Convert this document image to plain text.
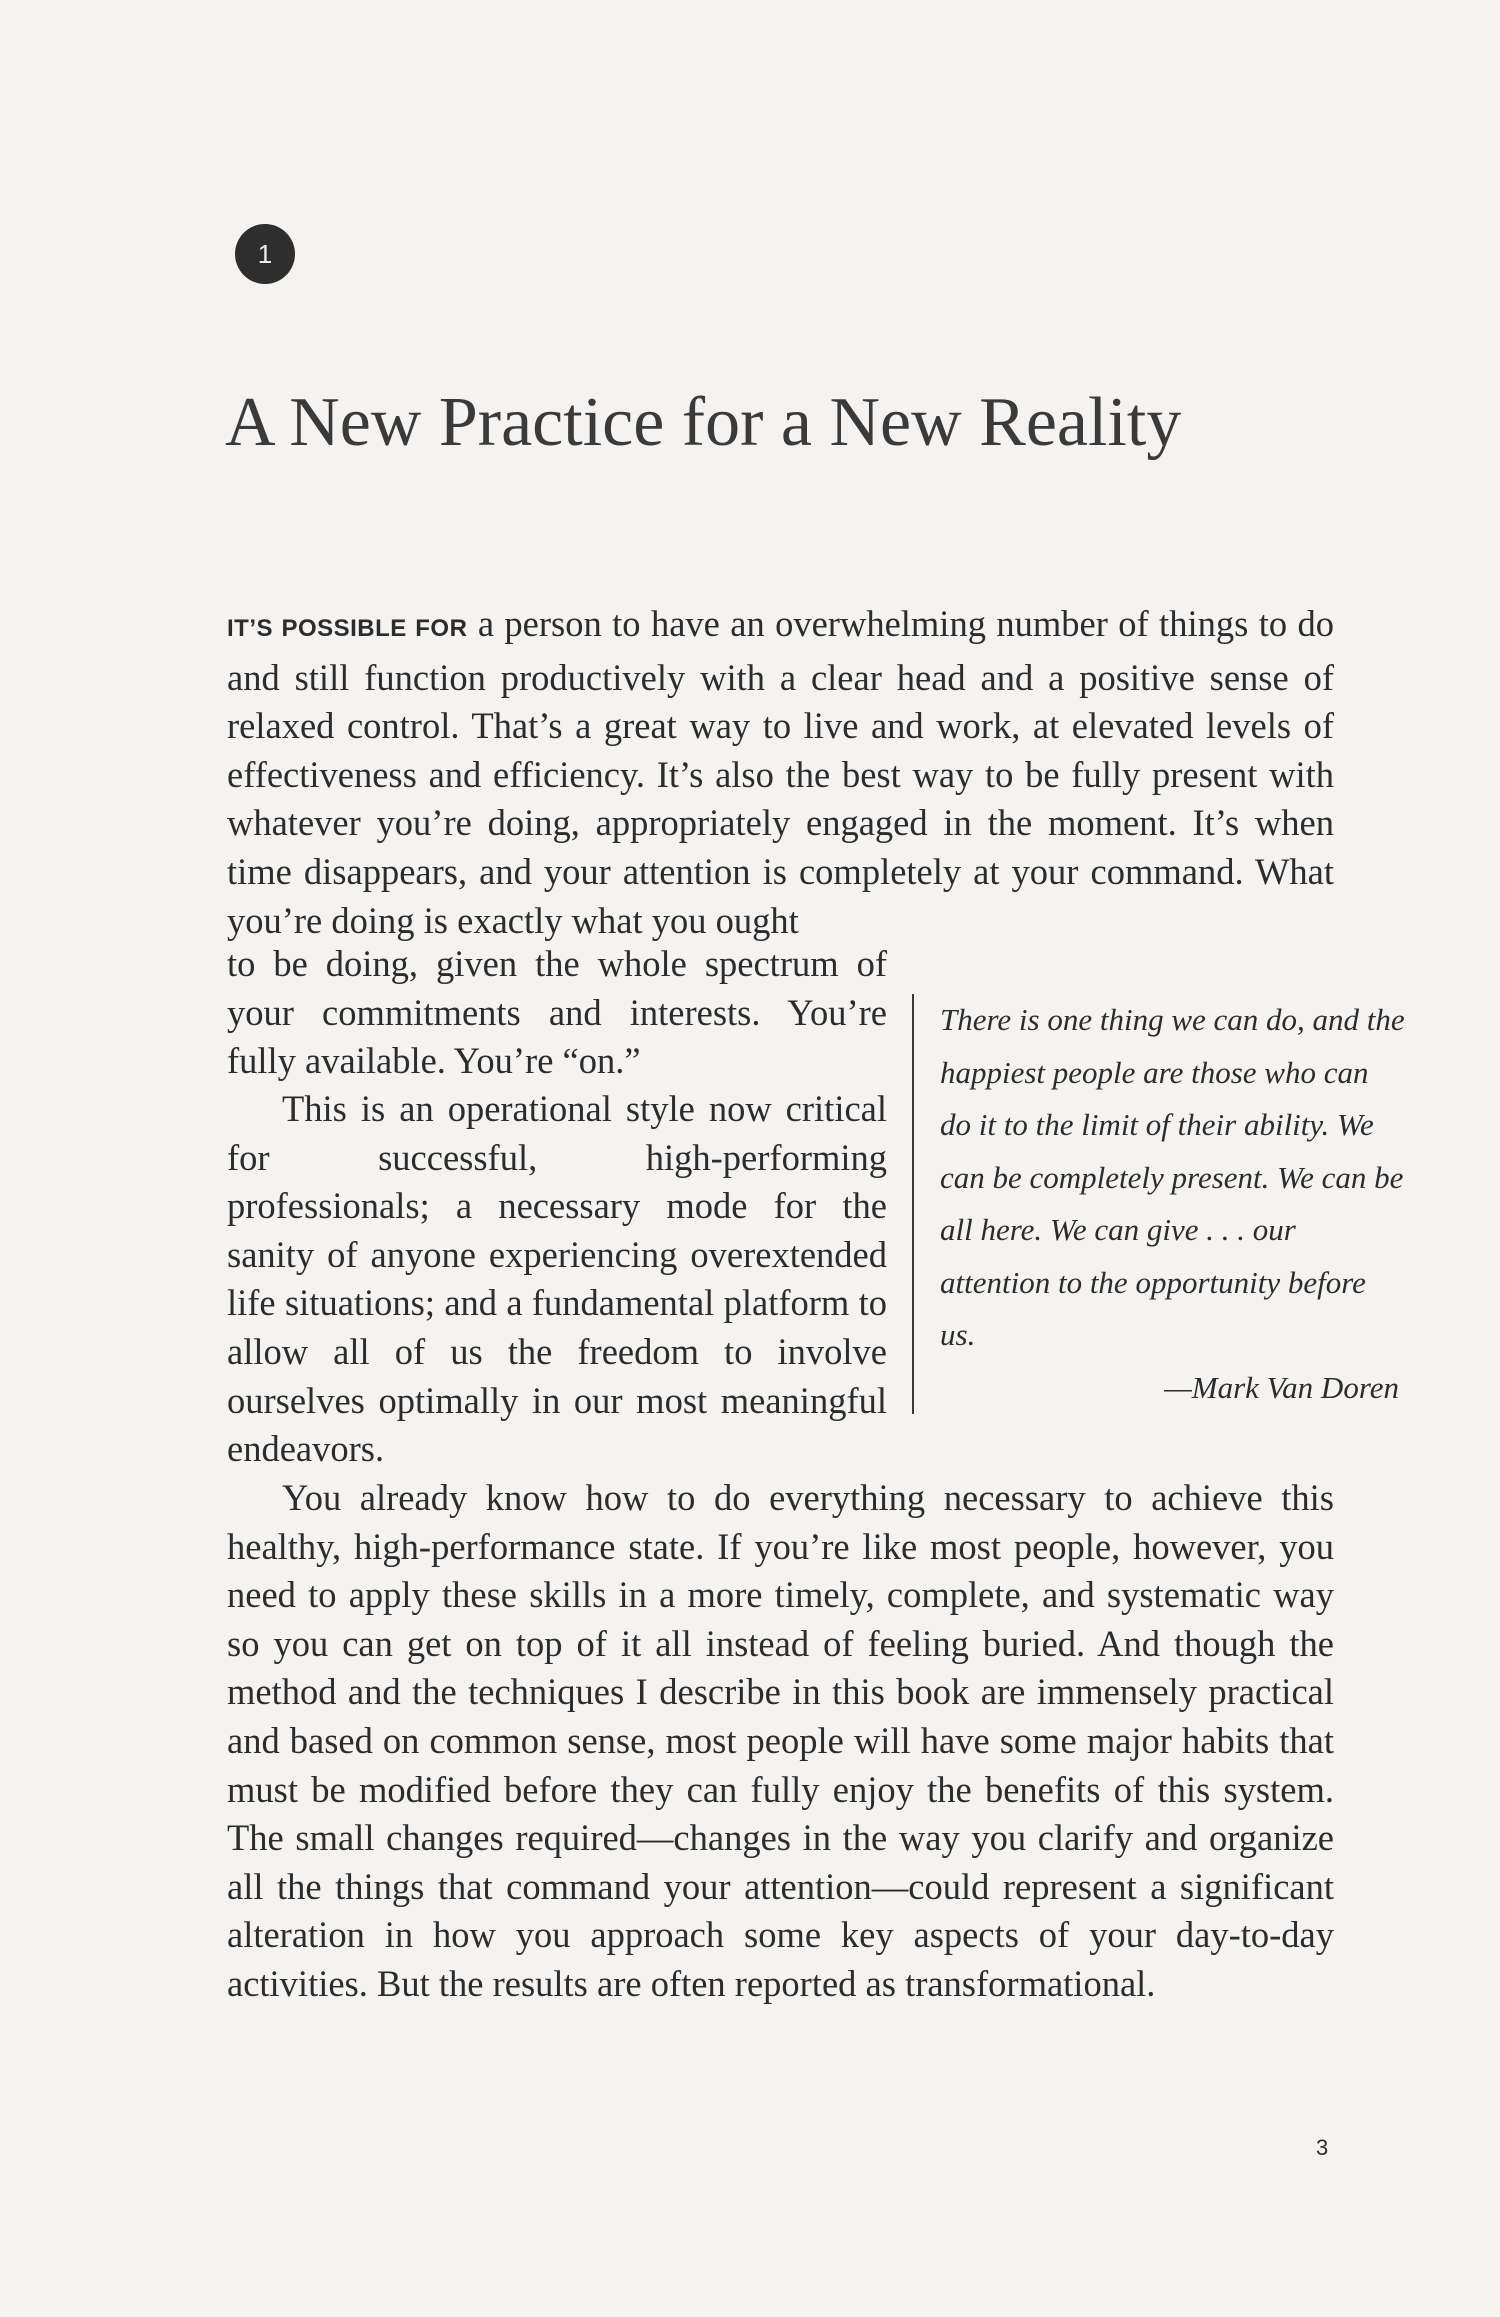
1
A New Practice for a New Reality
IT’S POSSIBLE FOR a person to have an overwhelming number of things to do and still function productively with a clear head and a positive sense of relaxed control. That’s a great way to live and work, at elevated levels of effectiveness and efficiency. It’s also the best way to be fully present with whatever you’re doing, appropriately engaged in the moment. It’s when time disappears, and your attention is completely at your command. What you’re doing is exactly what you ought
to be doing, given the whole spectrum of your commitments and interests. You’re fully available. You’re “on.”
This is an operational style now critical for successful, high-performing professionals; a necessary mode for the sanity of anyone experiencing overextended life situations; and a fundamental platform to allow all of us the freedom to involve ourselves optimally in our most meaningful endeavors.

There is one thing we can do, and the happiest people are those who can do it to the limit of their ability. We can be completely present. We can be all here. We can give . . . our attention to the opportunity before us.

—Mark Van Doren

You already know how to do everything necessary to achieve this healthy, high-performance state. If you’re like most people, however, you need to apply these skills in a more timely, complete, and systematic way so you can get on top of it all instead of feeling buried. And though the method and the techniques I describe in this book are immensely practical and based on common sense, most people will have some major habits that must be modified before they can fully enjoy the benefits of this system. The small changes required—changes in the way you clarify and organize all the things that command your attention—could represent a significant alteration in how you approach some key aspects of your day-to-day activities. But the results are often reported as transformational.
3
